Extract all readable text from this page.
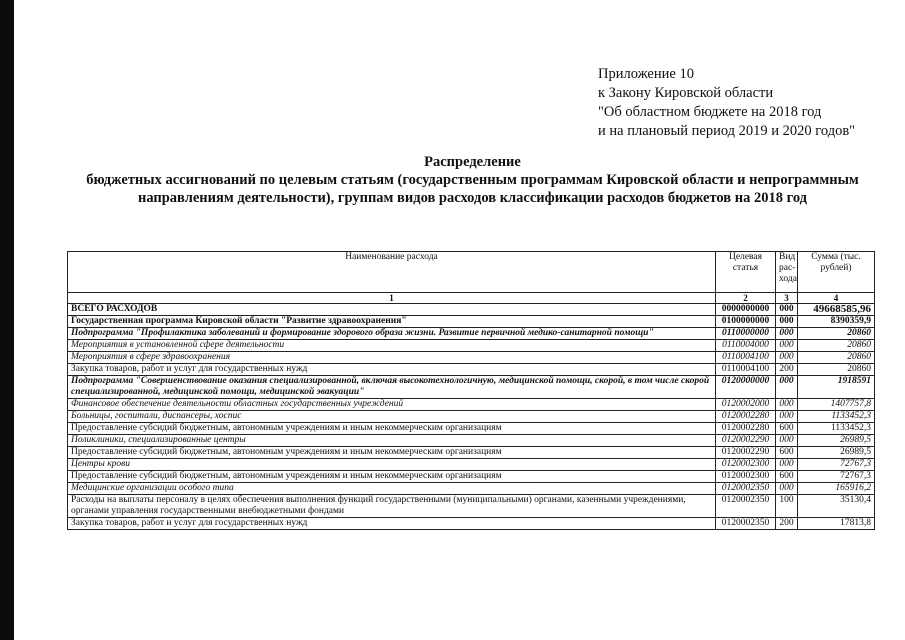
Приложение 10
к Закону Кировской области
"Об областном бюджете на 2018 год
и на плановый период 2019 и 2020 годов"
Распределение
бюджетных ассигнований по целевым статьям (государственным программам Кировской области и непрограммным
направлениям деятельности), группам видов расходов классификации расходов бюджетов на 2018 год
Наименование расхода	Целевая статья	Вид рас-хода	Сумма (тыс. рублей)
1	2	3	4
ВСЕГО РАСХОДОВ	0000000000	000	49668585,96
Государственная программа Кировской области "Развитие здравоохранения"	0100000000	000	8390359,9
Подпрограмма "Профилактика заболеваний и формирование здорового образа жизни. Развитие первичной медико-санитарной помощи"	0110000000	000	20860
Мероприятия в установленной сфере деятельности	0110004000	000	20860
Мероприятия в сфере здравоохранения	0110004100	000	20860
Закупка товаров, работ и услуг для государственных нужд	0110004100	200	20860
Подпрограмма "Совершенствование оказания специализированной, включая высокотехнологичную, медицинской помощи, скорой, в том числе скорой специализированной, медицинской помощи, медицинской эвакуации"	0120000000	000	1918591
Финансовое обеспечение деятельности областных государственных учреждений	0120002000	000	1407757,8
Больницы, госпитали, диспансеры, хоспис	0120002280	000	1133452,3
Предоставление субсидий бюджетным, автономным учреждениям и иным некоммерческим организациям	0120002280	600	1133452,3
Поликлиники, специализированные центры	0120002290	000	26989,5
Предоставление субсидий бюджетным, автономным учреждениям и иным некоммерческим организациям	0120002290	600	26989,5
Центры крови	0120002300	000	72767,3
Предоставление субсидий бюджетным, автономным учреждениям и иным некоммерческим организациям	0120002300	600	72767,3
Медицинские организации особого типа	0120002350	000	165916,2
Расходы на выплаты персоналу в целях обеспечения выполнения функций государственными (муниципальными) органами, казенными учреждениями, органами управления государственными внебюджетными фондами	0120002350	100	35130,4
Закупка товаров, работ и услуг для государственных нужд	0120002350	200	17813,8
